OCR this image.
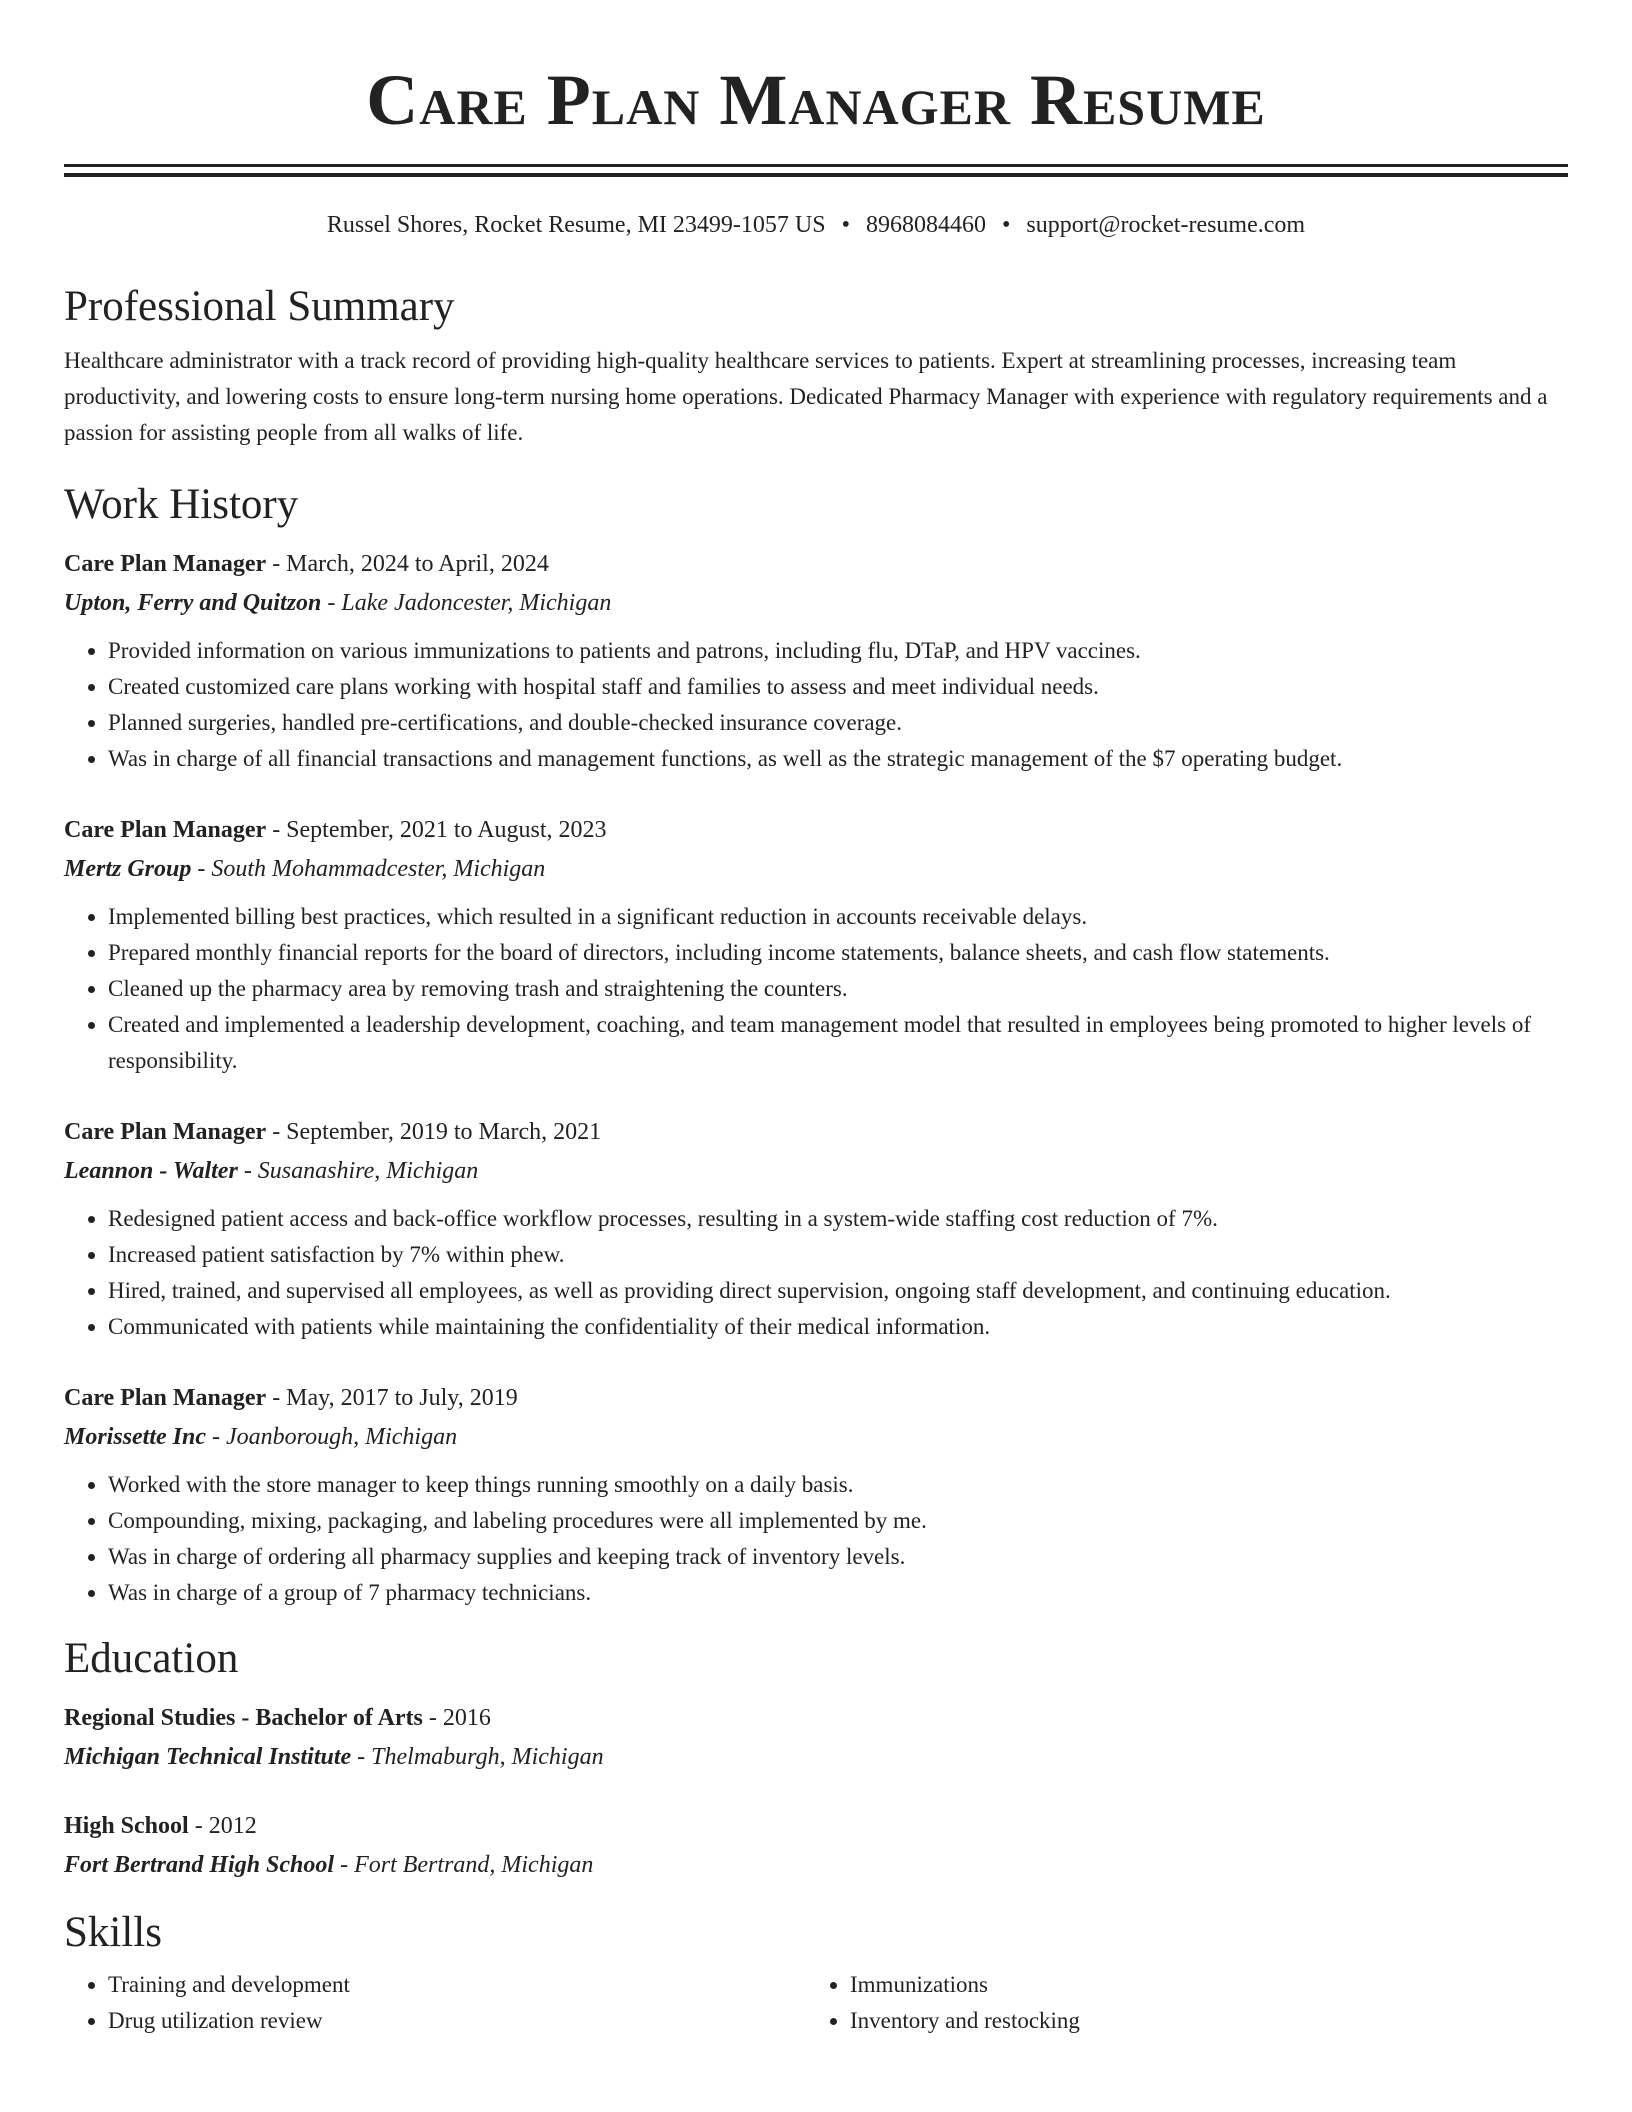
Care Plan Manager Resume
Russel Shores, Rocket Resume, MI 23499-1057 US • 8968084460 • support@rocket-resume.com
Professional Summary

Healthcare administrator with a track record of providing high-quality healthcare services to patients. Expert at streamlining processes, increasing team productivity, and lowering costs to ensure long-term nursing home operations. Dedicated Pharmacy Manager with experience with regulatory requirements and a passion for assisting people from all walks of life.

Work History
Care Plan Manager - March, 2024 to April, 2024
Upton, Ferry and Quitzon - Lake Jadoncester, Michigan
• Provided information on various immunizations to patients and patrons, including flu, DTaP, and HPV vaccines.
• Created customized care plans working with hospital staff and families to assess and meet individual needs.
• Planned surgeries, handled pre-certifications, and double-checked insurance coverage.
• Was in charge of all financial transactions and management functions, as well as the strategic management of the $7 operating budget.
Care Plan Manager - September, 2021 to August, 2023
Mertz Group - South Mohammadcester, Michigan
• Implemented billing best practices, which resulted in a significant reduction in accounts receivable delays.
• Prepared monthly financial reports for the board of directors, including income statements, balance sheets, and cash flow statements.
• Cleaned up the pharmacy area by removing trash and straightening the counters.
• Created and implemented a leadership development, coaching, and team management model that resulted in employees being promoted to higher levels of responsibility.
Care Plan Manager - September, 2019 to March, 2021
Leannon - Walter - Susanashire, Michigan
• Redesigned patient access and back-office workflow processes, resulting in a system-wide staffing cost reduction of 7%.
• Increased patient satisfaction by 7% within phew.
• Hired, trained, and supervised all employees, as well as providing direct supervision, ongoing staff development, and continuing education.
• Communicated with patients while maintaining the confidentiality of their medical information.
Care Plan Manager - May, 2017 to July, 2019
Morissette Inc - Joanborough, Michigan
• Worked with the store manager to keep things running smoothly on a daily basis.
• Compounding, mixing, packaging, and labeling procedures were all implemented by me.
• Was in charge of ordering all pharmacy supplies and keeping track of inventory levels.
• Was in charge of a group of 7 pharmacy technicians.
Education
Regional Studies - Bachelor of Arts - 2016
Michigan Technical Institute - Thelmaburgh, Michigan
High School - 2012
Fort Bertrand High School - Fort Bertrand, Michigan
Skills
• Training and development
• Drug utilization review
• Immunizations
• Inventory and restocking
